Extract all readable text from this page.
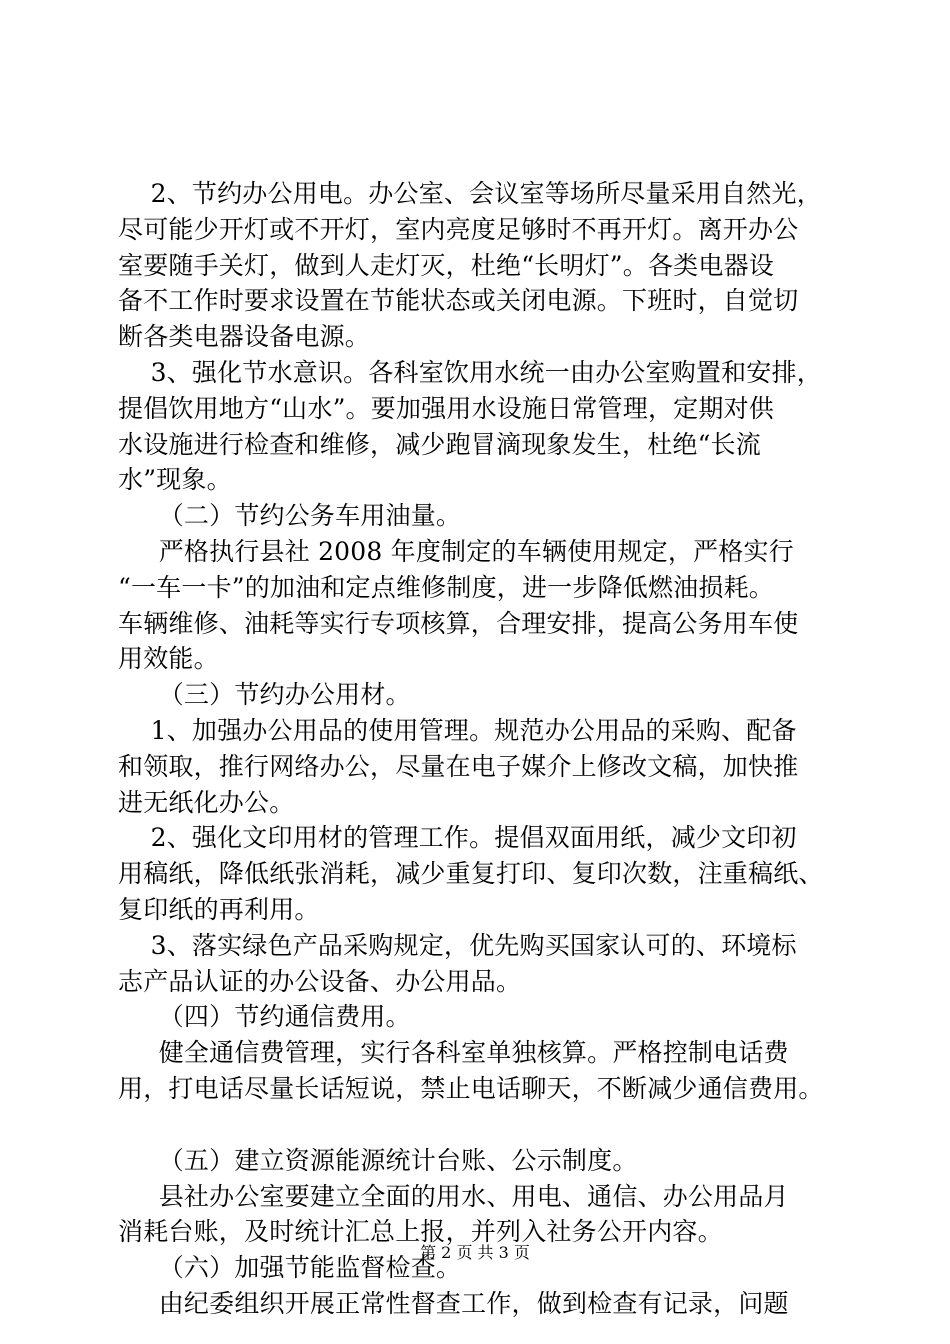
2、节约办公用电。办公室、会议室等场所尽量采用自然光，

尽可能少开灯或不开灯，室内亮度足够时不再开灯。离开办公

室要随手关灯，做到人走灯灭，杜绝“长明灯”。各类电器设

备不工作时要求设置在节能状态或关闭电源。下班时，自觉切

断各类电器设备电源。

3、强化节水意识。各科室饮用水统一由办公室购置和安排，

提倡饮用地方“山水”。要加强用水设施日常管理，定期对供

水设施进行检查和维修，减少跑冒滴现象发生，杜绝“长流

水”现象。

（二）节约公务车用油量。

严格执行县社 2008 年度制定的车辆使用规定，严格实行

“一车一卡”的加油和定点维修制度，进一步降低燃油损耗。

车辆维修、油耗等实行专项核算，合理安排，提高公务用车使

用效能。

（三）节约办公用材。

1、加强办公用品的使用管理。规范办公用品的采购、配备

和领取，推行网络办公，尽量在电子媒介上修改文稿，加快推

进无纸化办公。

2、强化文印用材的管理工作。提倡双面用纸，减少文印初

用稿纸，降低纸张消耗，减少重复打印、复印次数，注重稿纸、

复印纸的再利用。

3、落实绿色产品采购规定，优先购买国家认可的、环境标

志产品认证的办公设备、办公用品。

（四）节约通信费用。

健全通信费管理，实行各科室单独核算。严格控制电话费

用，打电话尽量长话短说，禁止电话聊天，不断减少通信费用。

（五）建立资源能源统计台账、公示制度。

县社办公室要建立全面的用水、用电、通信、办公用品月

消耗台账，及时统计汇总上报，并列入社务公开内容。

（六）加强节能监督检查。

由纪委组织开展正常性督查工作，做到检查有记录，问题

第 2 页 共 3 页
